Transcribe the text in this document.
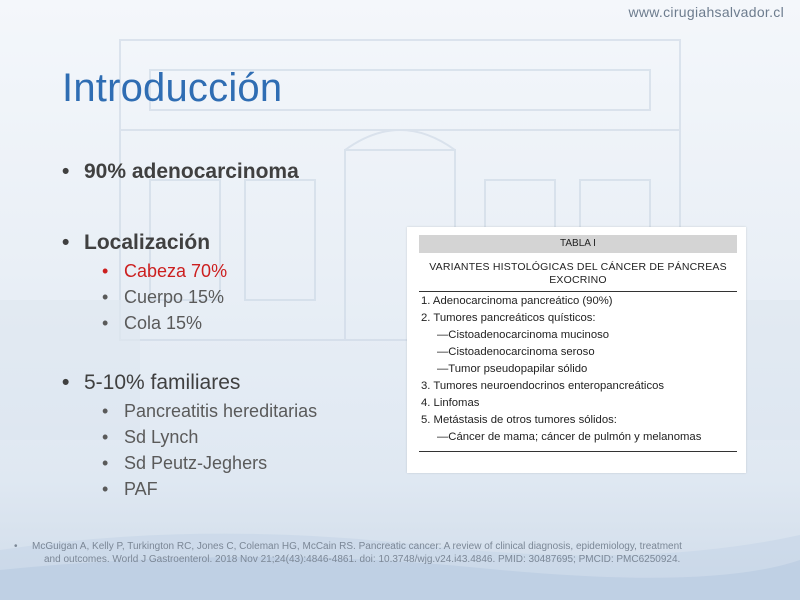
www.cirugiahsalvador.cl
Introducción
• 90% adenocarcinoma
• Localización
• Cabeza 70%
• Cuerpo 15%
• Cola 15%
• 5-10% familiares
• Pancreatitis hereditarias
• Sd Lynch
• Sd Peutz-Jeghers
• PAF
TABLA I
VARIANTES HISTOLÓGICAS DEL CÁNCER DE PÁNCREAS
EXOCRINO
1. Adenocarcinoma pancreático (90%)
2. Tumores pancreáticos quísticos:
—Cistoadenocarcinoma mucinoso
—Cistoadenocarcinoma seroso
—Tumor pseudopapilar sólido
3. Tumores neuroendocrinos enteropancreáticos
4. Linfomas
5. Metástasis de otros tumores sólidos:
—Cáncer de mama; cáncer de pulmón y melanomas
• McGuigan A, Kelly P, Turkington RC, Jones C, Coleman HG, McCain RS. Pancreatic cancer: A review of clinical diagnosis, epidemiology, treatment
and outcomes. World J Gastroenterol. 2018 Nov 21;24(43):4846-4861. doi: 10.3748/wjg.v24.i43.4846. PMID: 30487695; PMCID: PMC6250924.
